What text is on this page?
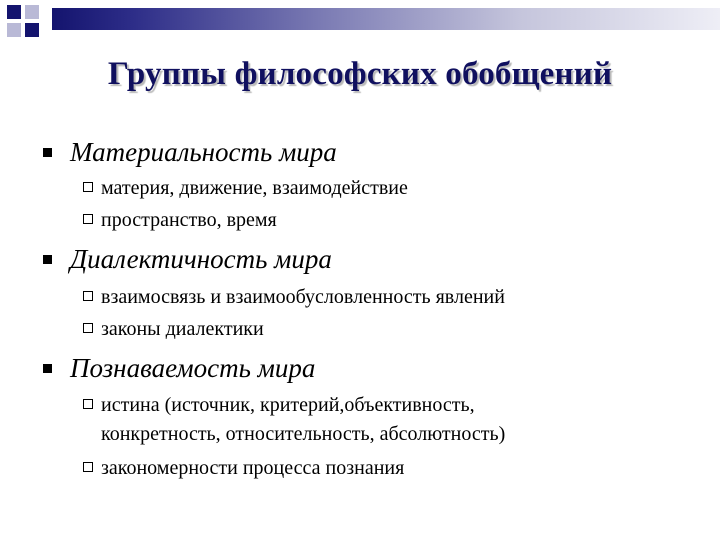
Группы философских обобщений
Материальность мира
материя, движение, взаимодействие
пространство, время
Диалектичность мира
взаимосвязь и взаимообусловленность явлений
законы диалектики
Познаваемость мира
истина (источник, критерий,объективность,
конкретность, относительность, абсолютность)
закономерности процесса познания
